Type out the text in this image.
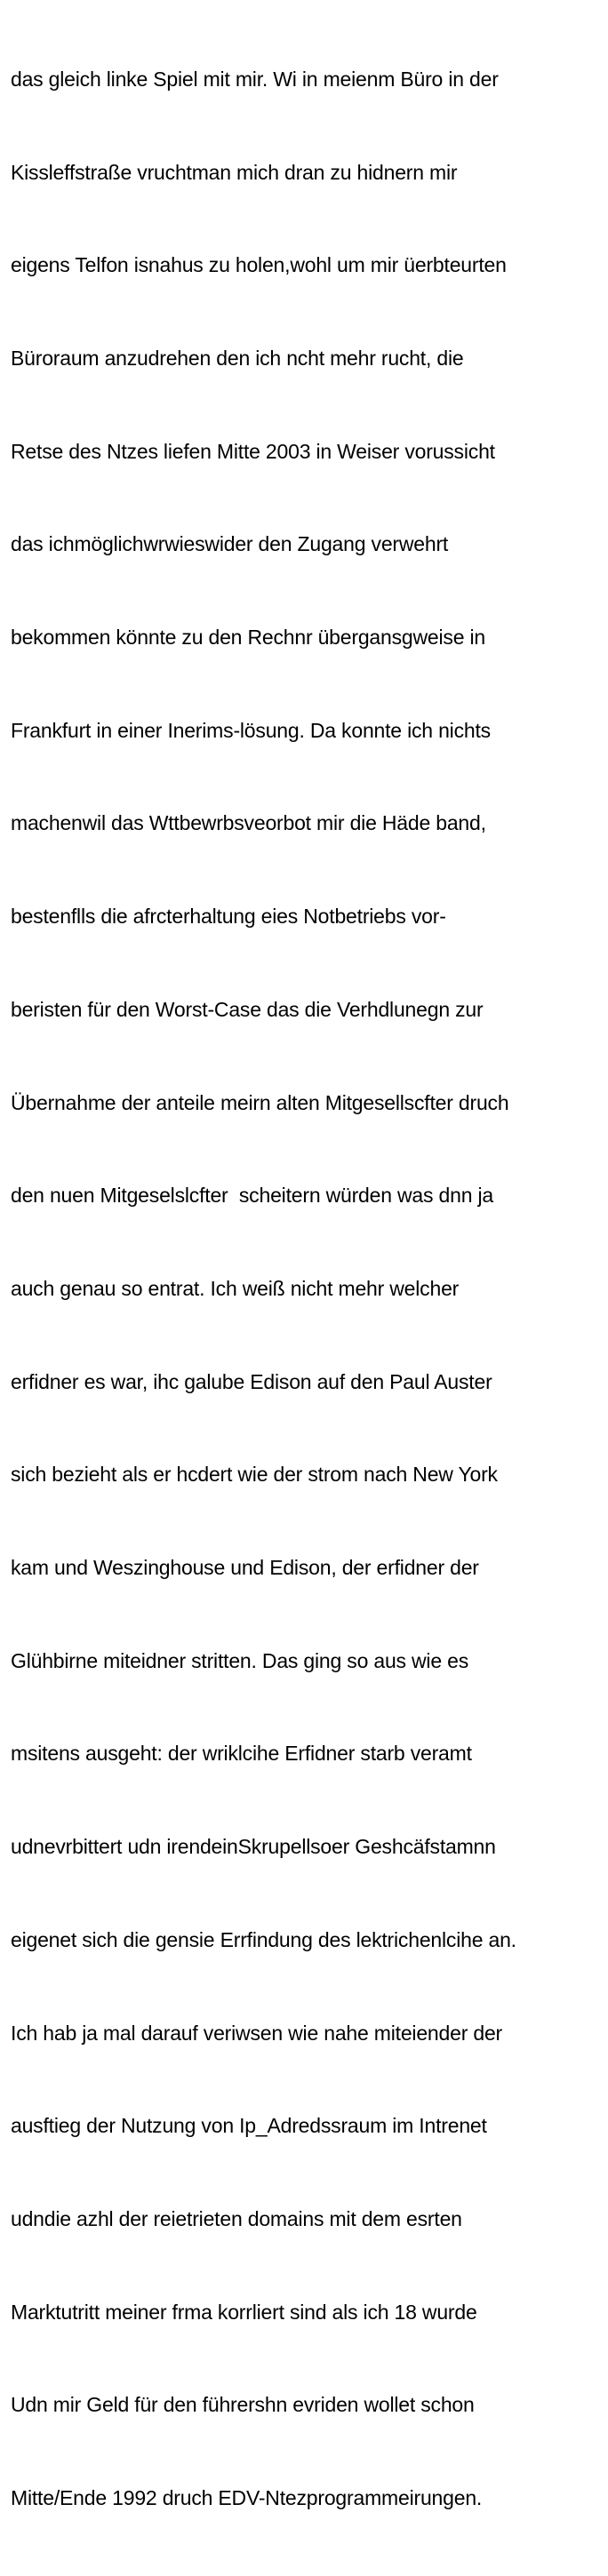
das gleich linke Spiel mit mir. Wi in meienm Büro in der

Kissleffstraße vruchtman mich dran zu hidnern mir

eigens Telfon isnahus zu holen,wohl um mir üerbteurten

Büroraum anzudrehen den ich ncht mehr rucht, die

Retse des Ntzes liefen Mitte 2003 in Weiser vorussicht

das ichmöglichwrwieswider den Zugang verwehrt

bekommen könnte zu den Rechnr übergansgweise in

Frankfurt in einer Inerims-lösung. Da konnte ich nichts

machenwil das Wttbewrbsveorbot mir die Häde band,

bestenflls die afrcterhaltung eies Notbetriebs vor-

beristen für den Worst-Case das die Verhdlunegn zur

Übernahme der anteile meirn alten Mitgesellscfter druch

den nuen Mitgeselslcfter  scheitern würden was dnn ja

auch genau so entrat. Ich weiß nicht mehr welcher

erfidner es war, ihc galube Edison auf den Paul Auster

sich bezieht als er hcdert wie der strom nach New York

kam und Weszinghouse und Edison, der erfidner der

Glühbirne miteidner stritten. Das ging so aus wie es

msitens ausgeht: der wriklcihe Erfidner starb veramt

udnevrbittert udn irendeinSkrupellsoer Geshcäfstamnn

eigenet sich die gensie Errfindung des lektrichenlcihe an.

Ich hab ja mal darauf veriwsen wie nahe miteiender der

ausftieg der Nutzung von Ip_Adredssraum im Intrenet

udndie azhl der reietrieten domains mit dem esrten

Marktutritt meiner frma korrliert sind als ich 18 wurde

Udn mir Geld für den führershn evriden wollet schon

Mitte/Ende 1992 druch EDV-Ntezprogrammeirungen.
